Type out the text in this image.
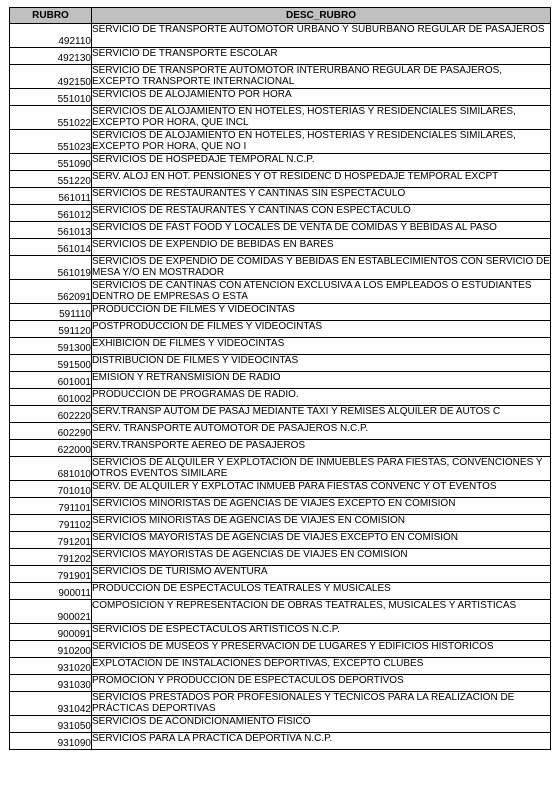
RUBRO	DESC_RUBRO
492110	SERVICIO DE TRANSPORTE AUTOMOTOR URBANO Y SUBURBANO REGULAR DE PASAJEROS
492130	SERVICIO DE TRANSPORTE ESCOLAR
492150	SERVICIO DE TRANSPORTE AUTOMOTOR INTERURBANO REGULAR DE PASAJEROS, EXCEPTO TRANSPORTE INTERNACIONAL
551010	SERVICIOS DE ALOJAMIENTO POR HORA
551022	SERVICIOS DE ALOJAMIENTO EN HOTELES, HOSTERÍAS Y RESIDENCIALES SIMILARES, EXCEPTO POR HORA, QUE INCL
551023	SERVICIOS DE ALOJAMIENTO EN HOTELES, HOSTERÍAS Y RESIDENCIALES SIMILARES, EXCEPTO POR HORA, QUE NO I
551090	SERVICIOS DE HOSPEDAJE TEMPORAL N.C.P.
551220	SERV. ALOJ EN HOT. PENSIONES Y OT RESIDENC D HOSPEDAJE TEMPORAL EXCPT
561011	SERVICIOS DE RESTAURANTES Y CANTINAS SIN ESPECTÁCULO
561012	SERVICIOS DE RESTAURANTES Y CANTINAS CON ESPECTÁCULO
561013	SERVICIOS DE FAST FOOD Y LOCALES DE VENTA DE COMIDAS Y BEBIDAS AL PASO
561014	SERVICIOS DE EXPENDIO DE BEBIDAS EN BARES
561019	SERVICIOS DE EXPENDIO DE COMIDAS Y BEBIDAS EN ESTABLECIMIENTOS CON SERVICIO DE MESA Y/O EN MOSTRADOR
562091	SERVICIOS DE CANTINAS CON ATENCIÓN EXCLUSIVA A LOS EMPLEADOS O ESTUDIANTES DENTRO DE EMPRESAS O ESTA
591110	PRODUCCIÓN DE FILMES Y VIDEOCINTAS
591120	POSTPRODUCCIÓN DE FILMES Y VIDEOCINTAS
591300	EXHIBICIÓN DE FILMES Y VIDEOCINTAS
591500	DISTRIBUCIÓN DE FILMES Y VIDEOCINTAS
601001	EMISIÓN Y RETRANSMISIÓN DE RADIO
601002	PRODUCCIÓN DE PROGRAMAS DE RADIO.
602220	SERV.TRANSP AUTOM DE PASAJ MEDIANTE TAXI Y REMISES ALQUILER DE AUTOS C
602290	SERV. TRANSPORTE AUTOMOTOR DE PASAJEROS N.C.P.
622000	SERV.TRANSPORTE AEREO DE PASAJEROS
681010	SERVICIOS DE ALQUILER Y EXPLOTACIÓN DE INMUEBLES PARA FIESTAS, CONVENCIONES Y OTROS EVENTOS SIMILARE
701010	SERV. DE ALQUILER Y EXPLOTAC INMUEB PARA FIESTAS CONVENC Y OT EVENTOS
791101	SERVICIOS MINORISTAS DE AGENCIAS DE VIAJES EXCEPTO EN COMISIÓN
791102	SERVICIOS MINORISTAS DE AGENCIAS DE VIAJES EN COMISIÓN
791201	SERVICIOS MAYORISTAS DE AGENCIAS DE VIAJES EXCEPTO EN COMISIÓN
791202	SERVICIOS MAYORISTAS DE AGENCIAS DE VIAJES EN COMISIÓN
791901	SERVICIOS DE TURISMO AVENTURA
900011	PRODUCCIÓN DE ESPECTÁCULOS TEATRALES Y MUSICALES
900021	COMPOSICIÓN Y REPRESENTACIÓN DE OBRAS TEATRALES, MUSICALES Y ARTÍSTICAS
900091	SERVICIOS DE ESPECTÁCULOS ARTÍSTICOS N.C.P.
910200	SERVICIOS DE MUSEOS Y PRESERVACIÓN DE LUGARES Y EDIFICIOS HISTÓRICOS
931020	EXPLOTACIÓN DE INSTALACIONES DEPORTIVAS, EXCEPTO CLUBES
931030	PROMOCIÓN Y PRODUCCIÓN DE ESPECTÁCULOS DEPORTIVOS
931042	SERVICIOS PRESTADOS POR PROFESIONALES Y TÉCNICOS PARA LA REALIZACIÓN DE PRÁCTICAS DEPORTIVAS
931050	SERVICIOS DE ACONDICIONAMIENTO FÍSICO
931090	SERVICIOS PARA LA PRÁCTICA DEPORTIVA N.C.P.
